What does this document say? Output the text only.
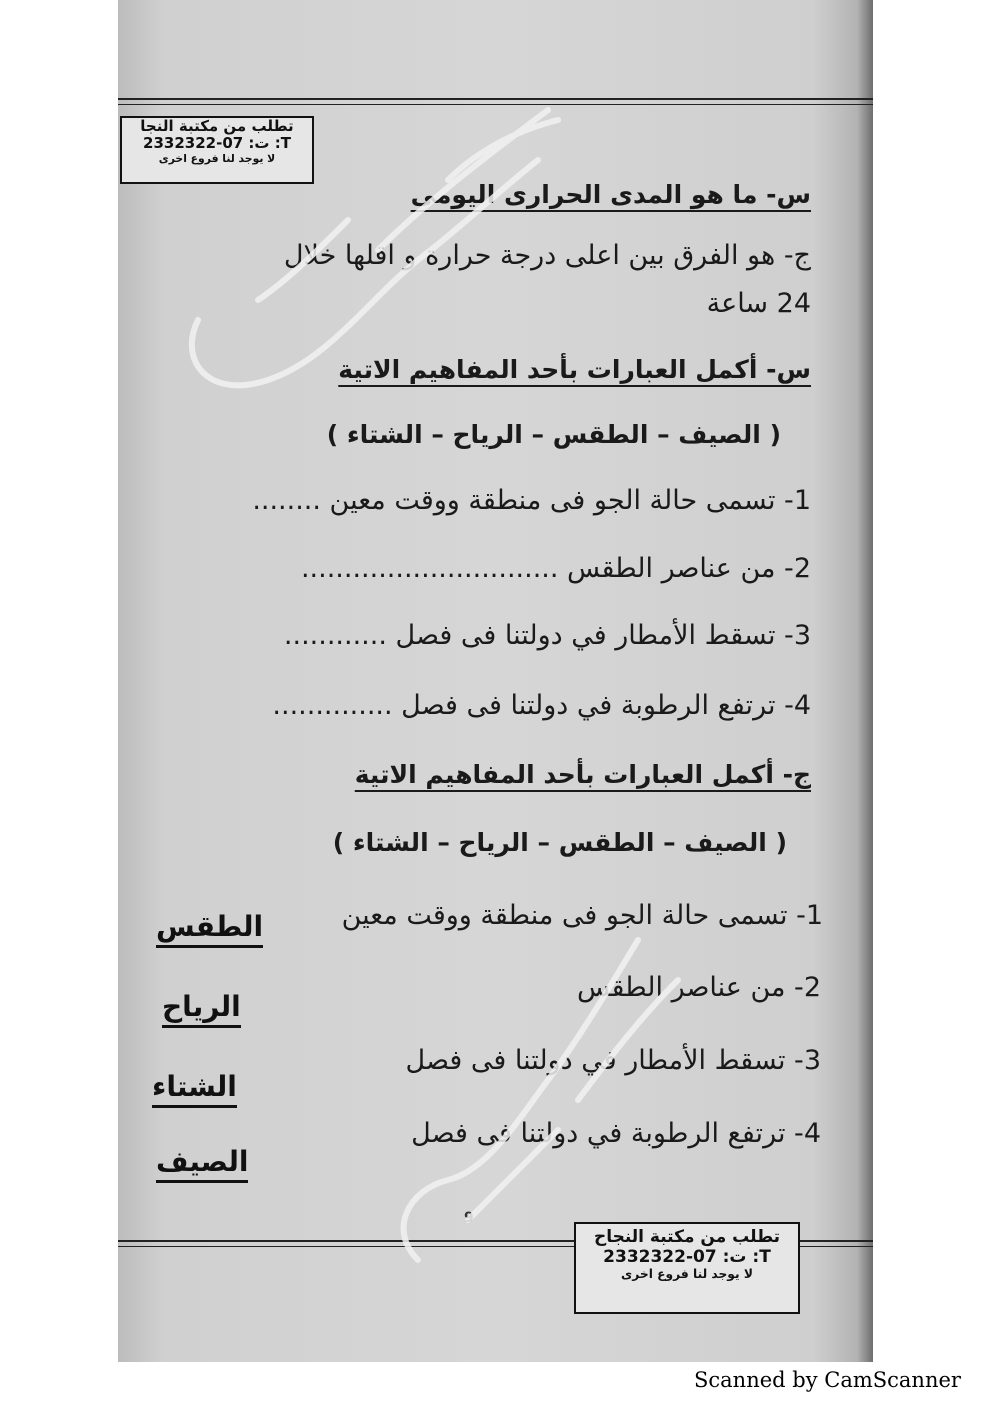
تطلب من مكتبة النجا
ت: 07-2332322 :T
لا يوجد لنا فروع اخرى
س- ما هو المدى الحرارى اليومى
ج- هو الفرق بين اعلى درجة حرارة و اقلها خلال
24 ساعة
س- أكمل العبارات بأحد المفاهيم الاتية
( الصيف – الطقس – الرياح – الشتاء )
1- تسمى حالة الجو فى منطقة ووقت معين ........
2- من عناصر الطقس ..............................
3- تسقط الأمطار في دولتنا فى فصل ............
4- ترتفع الرطوبة في دولتنا فى فصل ..............
ج- أكمل العبارات بأحد المفاهيم الاتية
( الصيف – الطقس – الرياح – الشتاء )
1- تسمى حالة الجو فى منطقة ووقت معين
الطقس
2- من عناصر الطقس
الرياح
3- تسقط الأمطار في دولتنا فى فصل
الشتاء
4- ترتفع الرطوبة في دولتنا فى فصل
الصيف
9
تطلب من مكتبة النجاح
ت: 07-2332322 :T
لا يوجد لنا فروع اخرى
Scanned by CamScanner
